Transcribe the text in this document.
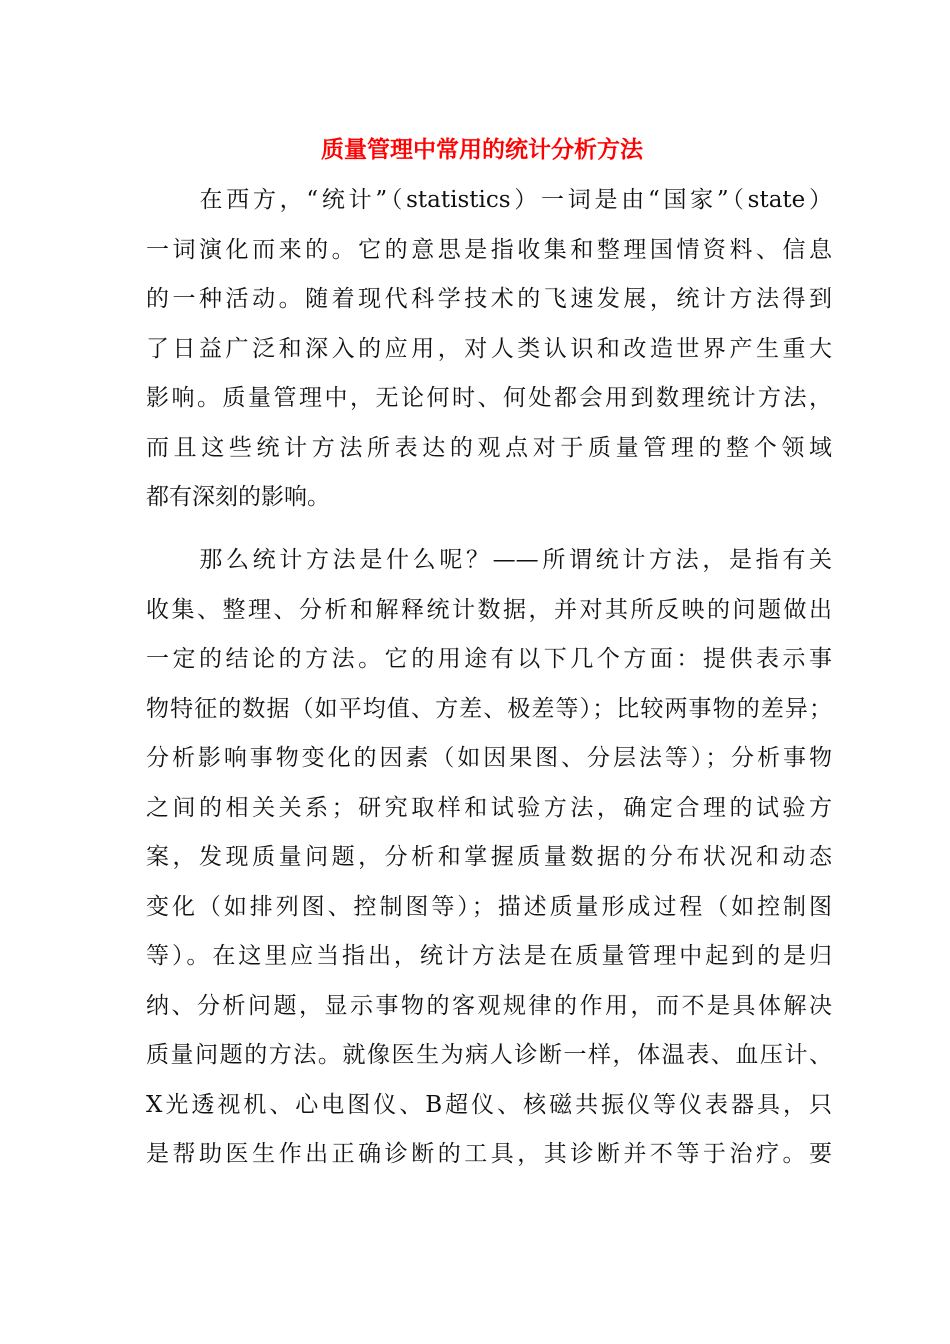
质量管理中常用的统计分析方法
　　在西方，“统计”（statistics）一词是由“国家”（state）
一词演化而来的。它的意思是指收集和整理国情资料、信息
的一种活动。随着现代科学技术的飞速发展，统计方法得到
了日益广泛和深入的应用，对人类认识和改造世界产生重大
影响。质量管理中，无论何时、何处都会用到数理统计方法，
而且这些统计方法所表达的观点对于质量管理的整个领域
都有深刻的影响。
　　那么统计方法是什么呢？——所谓统计方法，是指有关
收集、整理、分析和解释统计数据，并对其所反映的问题做出
一定的结论的方法。它的用途有以下几个方面：提供表示事
物特征的数据（如平均值、方差、极差等）；比较两事物的差异；
分析影响事物变化的因素（如因果图、分层法等）；分析事物
之间的相关关系；研究取样和试验方法，确定合理的试验方
案，发现质量问题，分析和掌握质量数据的分布状况和动态
变化（如排列图、控制图等）；描述质量形成过程（如控制图
等）。在这里应当指出，统计方法是在质量管理中起到的是归
纳、分析问题，显示事物的客观规律的作用，而不是具体解决
质量问题的方法。就像医生为病人诊断一样，体温表、血压计、
X光透视机、心电图仪、B超仪、核磁共振仪等仪表器具，只
是帮助医生作出正确诊断的工具，其诊断并不等于治疗。要
